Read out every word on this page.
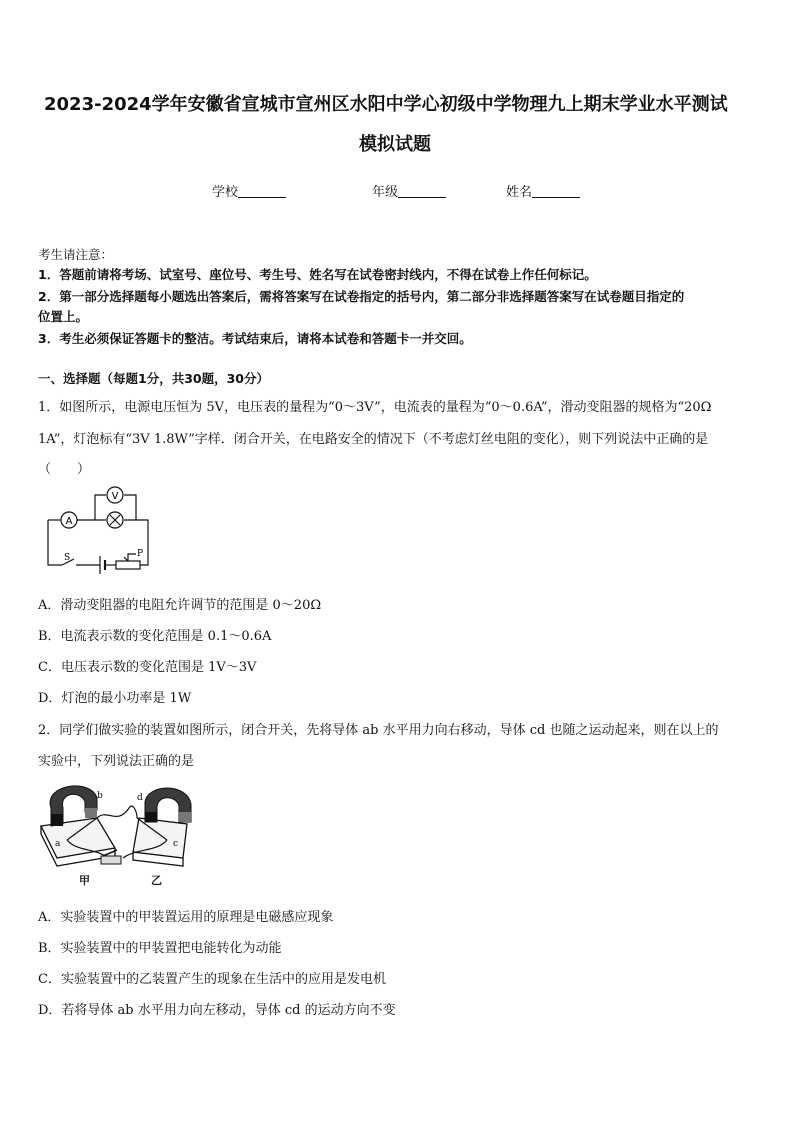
2023-2024学年安徽省宣城市宣州区水阳中学心初级中学物理九上期末学业水平测试
模拟试题
学校	年级	姓名
考生请注意：
1．答题前请将考场、试室号、座位号、考生号、姓名写在试卷密封线内，不得在试卷上作任何标记。
2．第一部分选择题每小题选出答案后，需将答案写在试卷指定的括号内，第二部分非选择题答案写在试卷题目指定的
位置上。
3．考生必须保证答题卡的整洁。考试结束后，请将本试卷和答题卡一并交回。
一、选择题（每题1分，共30题，30分）
1．如图所示，电源电压恒为 5V，电压表的量程为“0～3V”，电流表的量程为“0～0.6A”，滑动变阻器的规格为“20Ω
1A”，灯泡标有“3V 1.8W”字样．闭合开关，在电路安全的情况下（不考虑灯丝电阻的变化），则下列说法中正确的是
（　　）
V
A
S	P
A．滑动变阻器的电阻允许调节的范围是 0～20Ω
B．电流表示数的变化范围是 0.1～0.6A
C．电压表示数的变化范围是 1V～3V
D．灯泡的最小功率是 1W
2．同学们做实验的装置如图所示，闭合开关，先将导体 ab 水平用力向右移动，导体 cd 也随之运动起来，则在以上的
实验中，下列说法正确的是
a
b
c
d
甲	乙
A．实验装置中的甲装置运用的原理是电磁感应现象
B．实验装置中的甲装置把电能转化为动能
C．实验装置中的乙装置产生的现象在生活中的应用是发电机
D．若将导体 ab 水平用力向左移动，导体 cd 的运动方向不变
